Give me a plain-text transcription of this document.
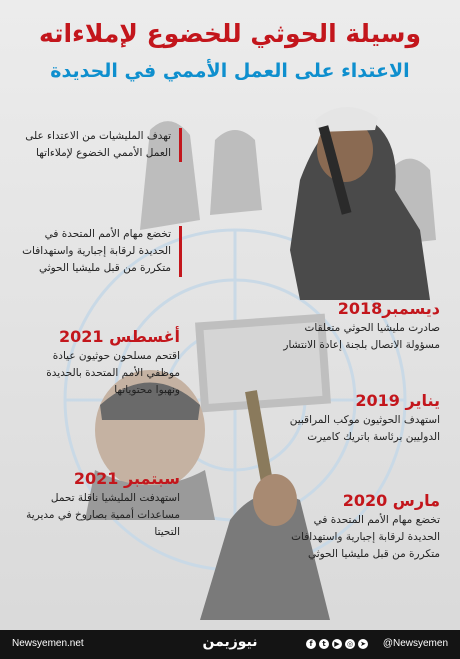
وسيلة الحوثي للخضوع لإملاءاته
الاعتداء على العمل الأممي في الحديدة
تهدف المليشيات من الاعتداء على العمل الأممي الخضوع لإملاءاتها
تخضع مهام الأمم المتحدة في الحديدة لرقابة إجبارية واستهدافات متكررة من قبل مليشيا الحوثي
ديسمبر2018
صادرت مليشيا الحوثي متعلقات مسؤولة الاتصال بلجنة إعادة الانتشار
أغسطس 2021
اقتحم مسلحون حوثيون عيادة موظفي الأمم المتحدة بالحديدة ونهبوا محتوياتها
يناير 2019
استهدف الحوثيون موكب المراقبين الدوليين برئاسة باتريك كاميرت
سبتمبر 2021
استهدفت المليشيا ناقلة تحمل مساعدات أممية بصاروخ في مديرية التحيتا
مارس 2020
تخضع مهام الأمم المتحدة في الحديدة لرقابة إجبارية واستهدافات متكررة من قبل مليشيا الحوثي
Newsyemen.net	نيوزيمن	f	t	▶	◎ ➤ @Newsyemen
